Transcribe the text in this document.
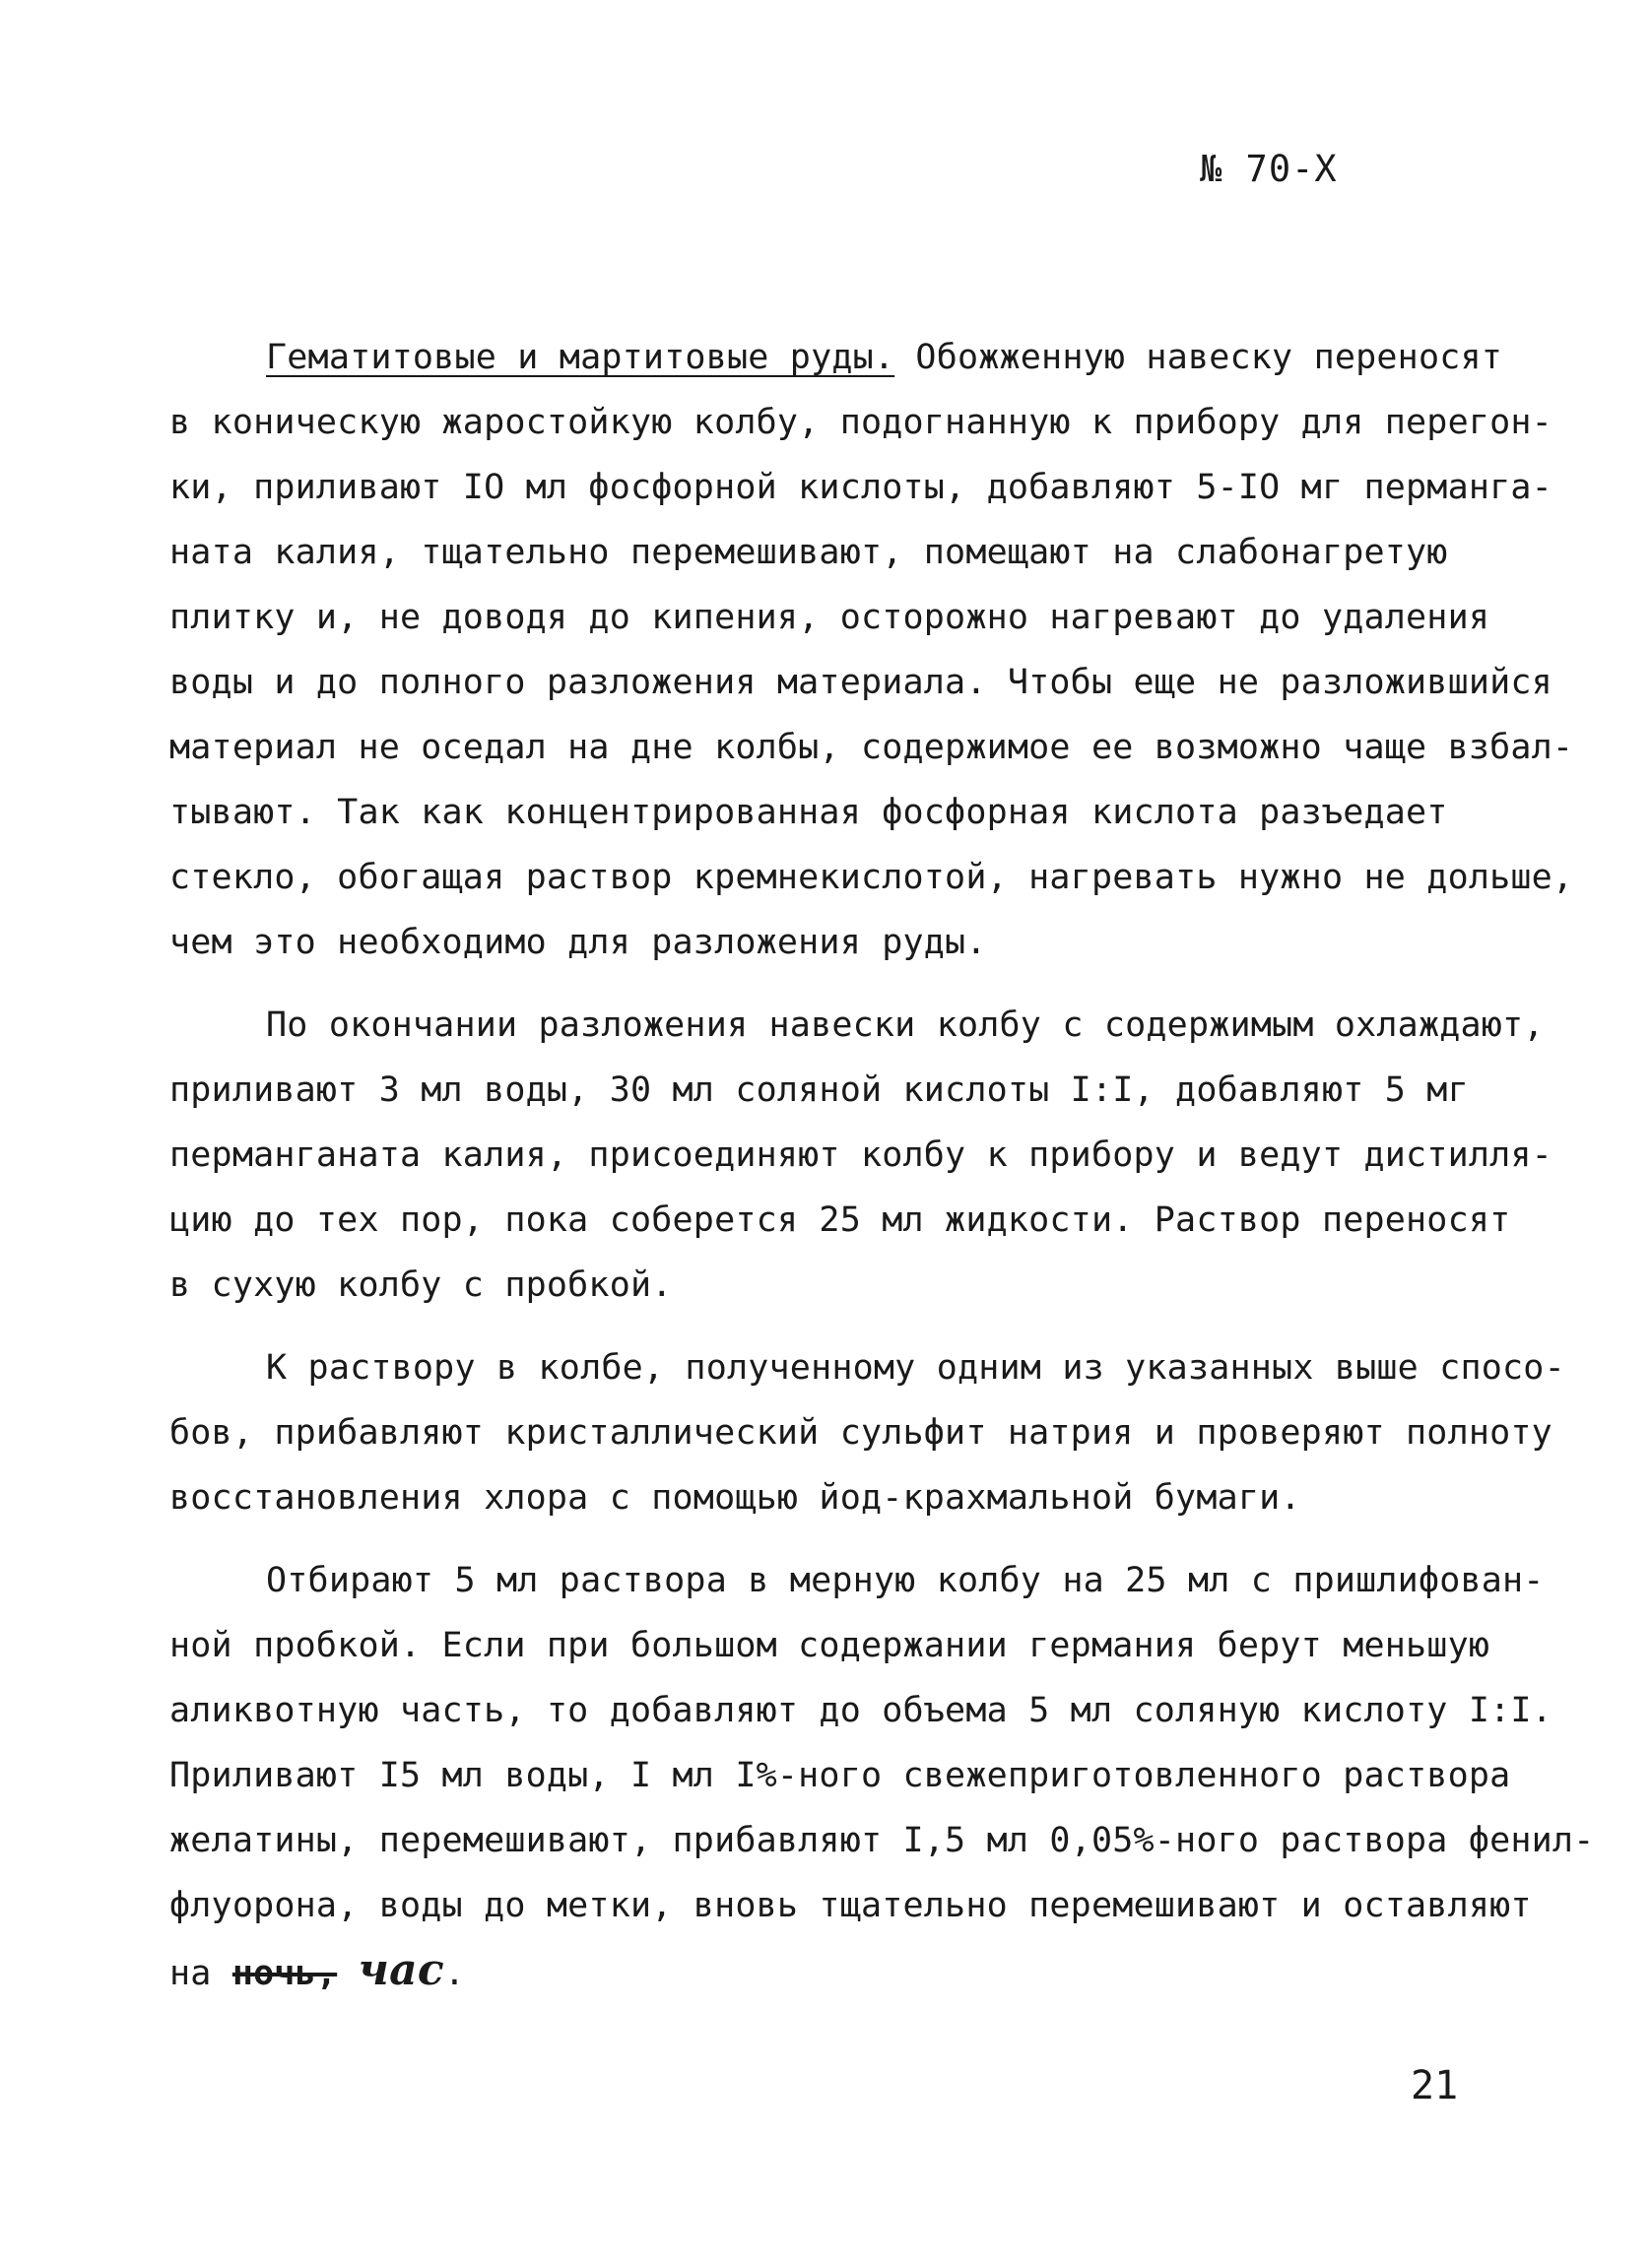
№ 70-Х
Гематитовые и мартитовые руды. Обожженную навеску переносят
в коническую жаростойкую колбу, подогнанную к прибору для перегон-
ки, приливают IO мл фосфорной кислоты, добавляют 5-IO мг перманга-
ната калия, тщательно перемешивают, помещают на слабонагретую
плитку и, не доводя до кипения, осторожно нагревают до удаления
воды и до полного разложения материала. Чтобы еще не разложившийся
материал не оседал на дне колбы, содержимое ее возможно чаще взбал-
тывают. Так как концентрированная фосфорная кислота разъедает
стекло, обогащая раствор кремнекислотой, нагревать нужно не дольше,
чем это необходимо для разложения руды.
По окончании разложения навески колбу с содержимым охлаждают,
приливают 3 мл воды, 30 мл соляной кислоты I:I, добавляют 5 мг
перманганата калия, присоединяют колбу к прибору и ведут дистилля-
цию до тех пор, пока соберется 25 мл жидкости. Раствор переносят
в сухую колбу с пробкой.
К раствору в колбе, полученному одним из указанных выше спосо-
бов, прибавляют кристаллический сульфит натрия и проверяют полноту
восстановления хлора с помощью йод-крахмальной бумаги.
Отбирают 5 мл раствора в мерную колбу на 25 мл с пришлифован-
ной пробкой. Если при большом содержании германия берут меньшую
аликвотную часть, то добавляют до объема 5 мл соляную кислоту I:I.
Приливают I5 мл воды, I мл I%-ного свежеприготовленного раствора
желатины, перемешивают, прибавляют I,5 мл 0,05%-ного раствора фенил-
флуорона, воды до метки, вновь тщательно перемешивают и оставляют
на ночь, час.
21
